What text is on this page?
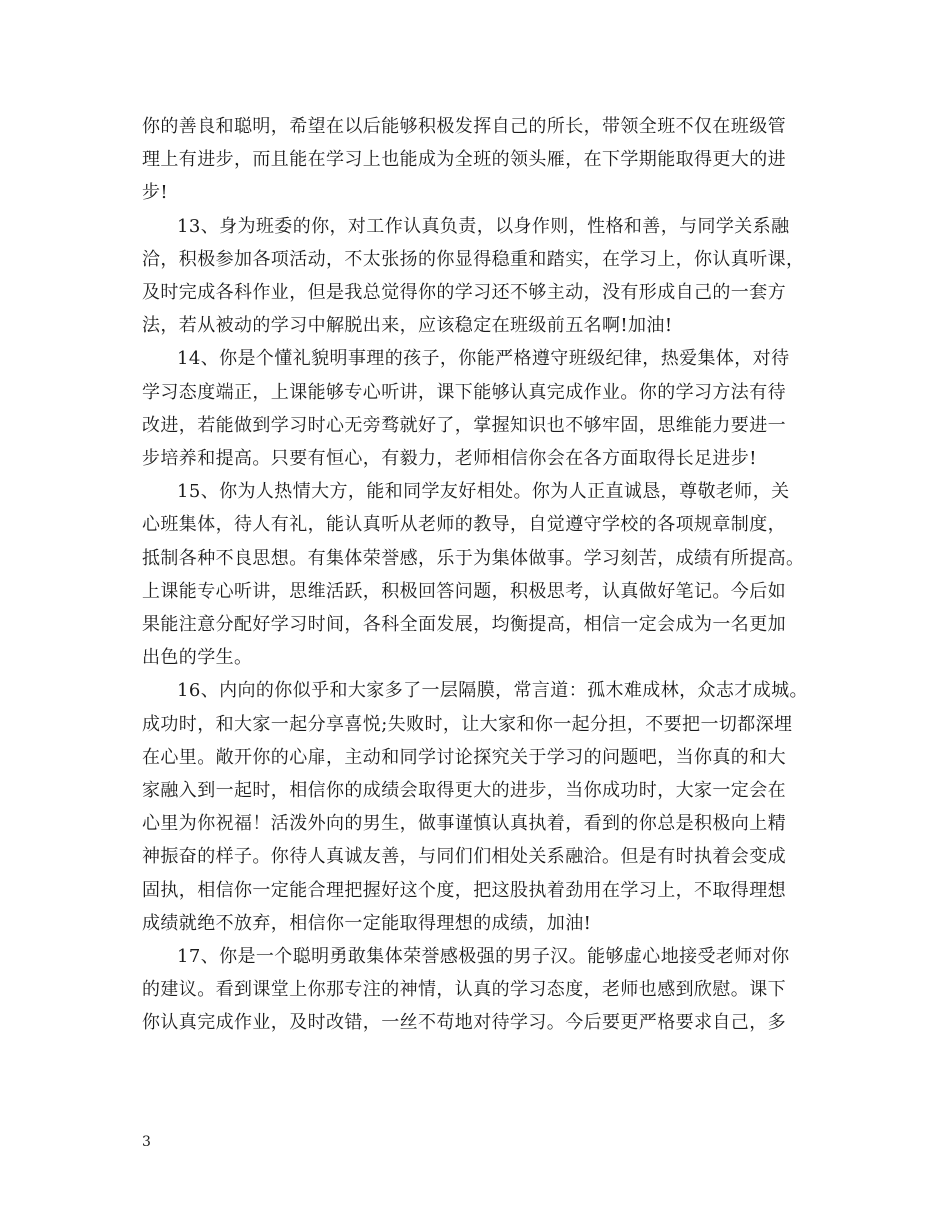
你的善良和聪明，希望在以后能够积极发挥自己的所长，带领全班不仅在班级管
理上有进步，而且能在学习上也能成为全班的领头雁，在下学期能取得更大的进
步!

13、身为班委的你，对工作认真负责，以身作则，性格和善，与同学关系融
洽，积极参加各项活动，不太张扬的你显得稳重和踏实，在学习上，你认真听课，
及时完成各科作业，但是我总觉得你的学习还不够主动，没有形成自己的一套方
法，若从被动的学习中解脱出来，应该稳定在班级前五名啊!加油!

14、你是个懂礼貌明事理的孩子，你能严格遵守班级纪律，热爱集体，对待
学习态度端正，上课能够专心听讲，课下能够认真完成作业。你的学习方法有待
改进，若能做到学习时心无旁骛就好了，掌握知识也不够牢固，思维能力要进一
步培养和提高。只要有恒心，有毅力，老师相信你会在各方面取得长足进步!

15、你为人热情大方，能和同学友好相处。你为人正直诚恳，尊敬老师，关
心班集体，待人有礼，能认真听从老师的教导，自觉遵守学校的各项规章制度，
抵制各种不良思想。有集体荣誉感，乐于为集体做事。学习刻苦，成绩有所提高。
上课能专心听讲，思维活跃，积极回答问题，积极思考，认真做好笔记。今后如
果能注意分配好学习时间，各科全面发展，均衡提高，相信一定会成为一名更加
出色的学生。

16、内向的你似乎和大家多了一层隔膜，常言道：孤木难成林，众志才成城。
成功时，和大家一起分享喜悦;失败时，让大家和你一起分担，不要把一切都深埋
在心里。敞开你的心扉，主动和同学讨论探究关于学习的问题吧，当你真的和大
家融入到一起时，相信你的成绩会取得更大的进步，当你成功时，大家一定会在
心里为你祝福！活泼外向的男生，做事谨慎认真执着，看到的你总是积极向上精
神振奋的样子。你待人真诚友善，与同们们相处关系融洽。但是有时执着会变成
固执，相信你一定能合理把握好这个度，把这股执着劲用在学习上，不取得理想
成绩就绝不放弃，相信你一定能取得理想的成绩，加油!

17、你是一个聪明勇敢集体荣誉感极强的男子汉。能够虚心地接受老师对你
的建议。看到课堂上你那专注的神情，认真的学习态度，老师也感到欣慰。课下
你认真完成作业，及时改错，一丝不苟地对待学习。今后要更严格要求自己，多

3
